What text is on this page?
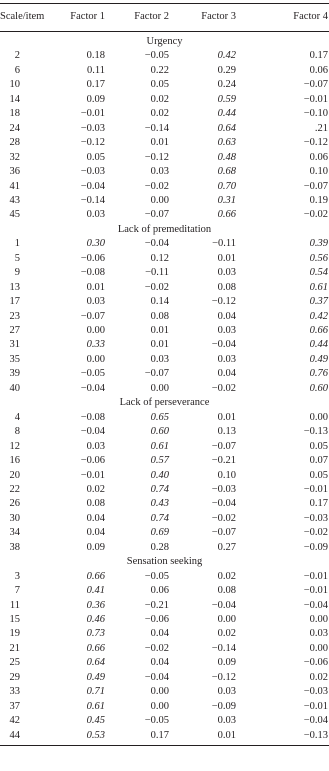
Scale/item	Factor 1	Factor 2	Factor 3	Factor 4
Urgency
2	0.18	−0.05	0.42	0.17
6	0.11	0.22	0.29	0.06
10	0.17	0.05	0.24	−0.07
14	0.09	0.02	0.59	−0.01
18	−0.01	0.02	0.44	−0.10
24	−0.03	−0.14	0.64	.21
28	−0.12	0.01	0.63	−0.12
32	0.05	−0.12	0.48	0.06
36	−0.03	0.03	0.68	0.10
41	−0.04	−0.02	0.70	−0.07
43	−0.14	0.00	0.31	0.19
45	0.03	−0.07	0.66	−0.02
Lack of premeditation
1	0.30	−0.04	−0.11	0.39
5	−0.06	0.12	0.01	0.56
9	−0.08	−0.11	0.03	0.54
13	0.01	−0.02	0.08	0.61
17	0.03	0.14	−0.12	0.37
23	−0.07	0.08	0.04	0.42
27	0.00	0.01	0.03	0.66
31	0.33	0.01	−0.04	0.44
35	0.00	0.03	0.03	0.49
39	−0.05	−0.07	0.04	0.76
40	−0.04	0.00	−0.02	0.60
Lack of perseverance
4	−0.08	0.65	0.01	0.00
8	−0.04	0.60	0.13	−0.13
12	0.03	0.61	−0.07	0.05
16	−0.06	0.57	−0.21	0.07
20	−0.01	0.40	0.10	0.05
22	0.02	0.74	−0.03	−0.01
26	0.08	0.43	−0.04	0.17
30	0.04	0.74	−0.02	−0.03
34	0.04	0.69	−0.07	−0.02
38	0.09	0.28	0.27	−0.09
Sensation seeking
3	0.66	−0.05	0.02	−0.01
7	0.41	0.06	0.08	−0.01
11	0.36	−0.21	−0.04	−0.04
15	0.46	−0.06	0.00	0.00
19	0.73	0.04	0.02	0.03
21	0.66	−0.02	−0.14	0.00
25	0.64	0.04	0.09	−0.06
29	0.49	−0.04	−0.12	0.02
33	0.71	0.00	0.03	−0.03
37	0.61	0.00	−0.09	−0.01
42	0.45	−0.05	0.03	−0.04
44	0.53	0.17	0.01	−0.13
